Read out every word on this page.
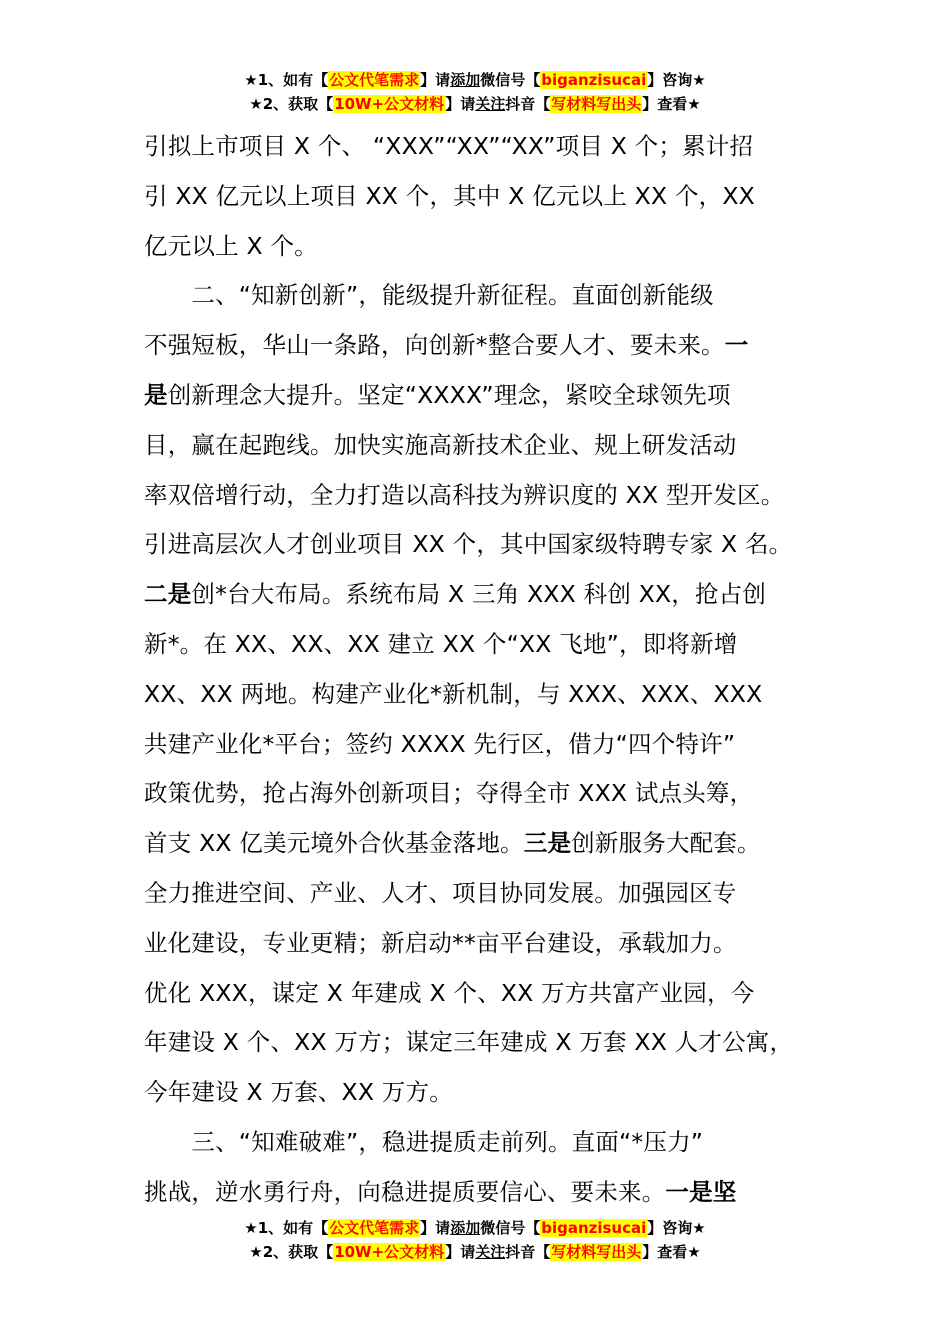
★1、如有【公文代笔需求】请添加微信号【biganzisucai】咨询★
★2、获取【10W+公文材料】请关注抖音【写材料写出头】查看★
引拟上市项目 X 个、 “XXX”“XX”“XX”项目 X 个；累计招
引 XX 亿元以上项目 XX 个，其中 X 亿元以上 XX 个，XX
亿元以上 X 个。
　　二、“知新创新”，能级提升新征程。直面创新能级
不强短板，华山一条路，向创新*整合要人才、要未来。一
是创新理念大提升。坚定“XXXX”理念，紧咬全球领先项
目，赢在起跑线。加快实施高新技术企业、规上研发活动
率双倍增行动，全力打造以高科技为辨识度的 XX 型开发区。
引进高层次人才创业项目 XX 个，其中国家级特聘专家 X 名。
二是创*台大布局。系统布局 X 三角 XXX 科创 XX，抢占创
新*。在 XX、XX、XX 建立 XX 个“XX 飞地”，即将新增
XX、XX 两地。构建产业化*新机制，与 XXX、XXX、XXX
共建产业化*平台；签约 XXXX 先行区，借力“四个特许”
政策优势，抢占海外创新项目；夺得全市 XXX 试点头筹，
首支 XX 亿美元境外合伙基金落地。三是创新服务大配套。
全力推进空间、产业、人才、项目协同发展。加强园区专
业化建设，专业更精；新启动**亩平台建设，承载加力。
优化 XXX，谋定 X 年建成 X 个、XX 万方共富产业园，今
年建设 X 个、XX 万方；谋定三年建成 X 万套 XX 人才公寓，
今年建设 X 万套、XX 万方。
　　三、“知难破难”，稳进提质走前列。直面“*压力”
挑战，逆水勇行舟，向稳进提质要信心、要未来。一是坚
★1、如有【公文代笔需求】请添加微信号【biganzisucai】咨询★
★2、获取【10W+公文材料】请关注抖音【写材料写出头】查看★
